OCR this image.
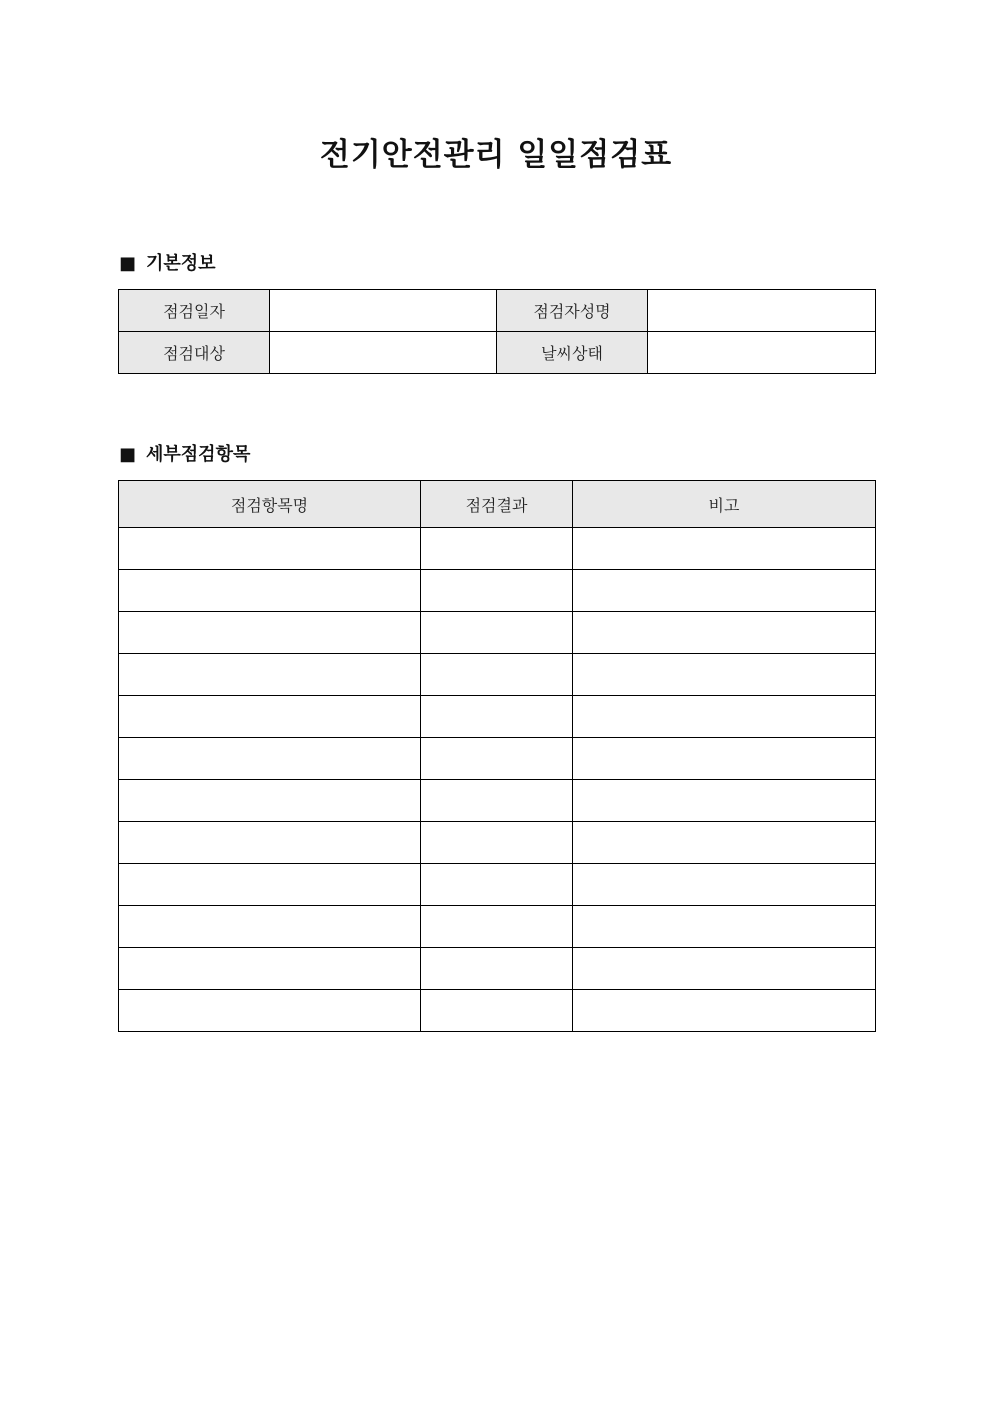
전기안전관리 일일점검표
■ 기본정보
점검일자		점검자성명	
점검대상		날씨상태	
■ 세부점검항목
점검항목명	점검결과	비고
